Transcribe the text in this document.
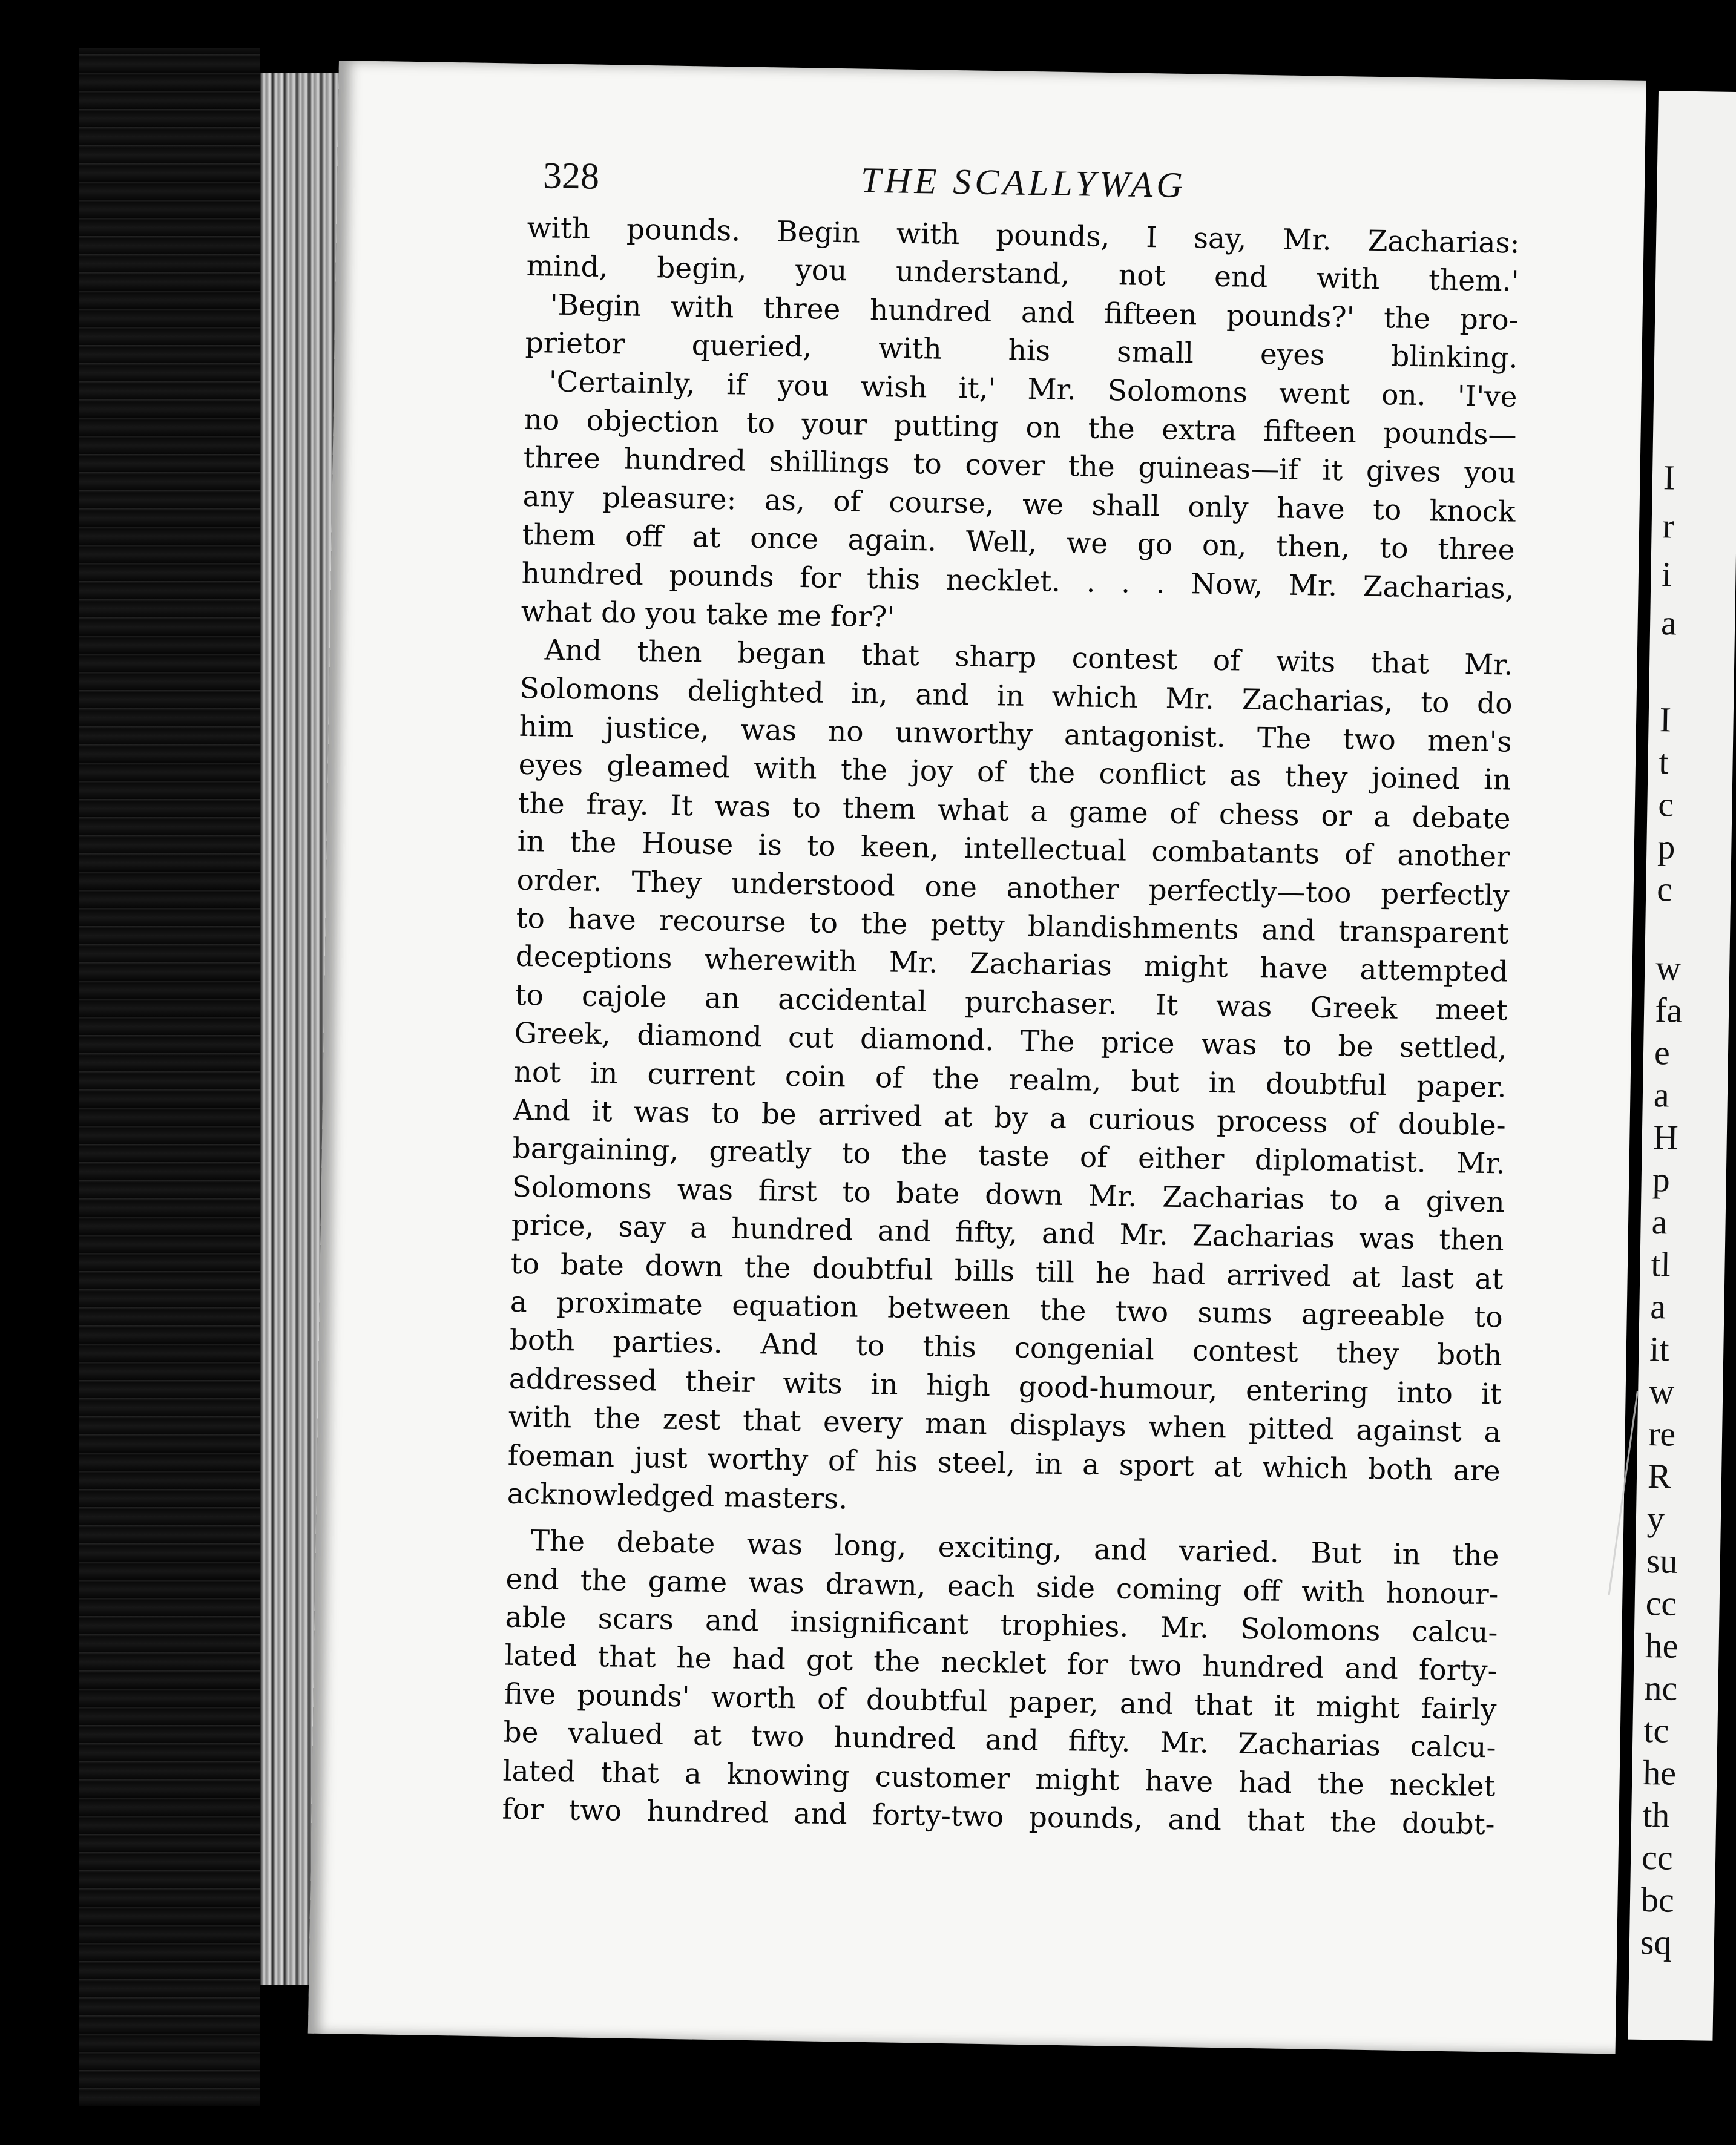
328	THE SCALLYWAG
with pounds. Begin with pounds, I say, Mr. Zacharias:
mind, begin, you understand, not end with them.'
'Begin with three hundred and fifteen pounds?' the pro-
prietor queried, with his small eyes blinking.
'Certainly, if you wish it,' Mr. Solomons went on. 'I've
no objection to your putting on the extra fifteen pounds—
three hundred shillings to cover the guineas—if it gives you
any pleasure: as, of course, we shall only have to knock
them off at once again. Well, we go on, then, to three
hundred pounds for this necklet. . . . Now, Mr. Zacharias,
what do you take me for?'
And then began that sharp contest of wits that Mr.
Solomons delighted in, and in which Mr. Zacharias, to do
him justice, was no unworthy antagonist. The two men's
eyes gleamed with the joy of the conflict as they joined in
the fray. It was to them what a game of chess or a debate
in the House is to keen, intellectual combatants of another
order. They understood one another perfectly—too perfectly
to have recourse to the petty blandishments and transparent
deceptions wherewith Mr. Zacharias might have attempted
to cajole an accidental purchaser. It was Greek meet
Greek, diamond cut diamond. The price was to be settled,
not in current coin of the realm, but in doubtful paper.
And it was to be arrived at by a curious process of double-
bargaining, greatly to the taste of either diplomatist. Mr.
Solomons was first to bate down Mr. Zacharias to a given
price, say a hundred and fifty, and Mr. Zacharias was then
to bate down the doubtful bills till he had arrived at last at
a proximate equation between the two sums agreeable to
both parties. And to this congenial contest they both
addressed their wits in high good-humour, entering into it
with the zest that every man displays when pitted against a
foeman just worthy of his steel, in a sport at which both are
acknowledged masters.
The debate was long, exciting, and varied. But in the
end the game was drawn, each side coming off with honour-
able scars and insignificant trophies. Mr. Solomons calcu-
lated that he had got the necklet for two hundred and forty-
five pounds' worth of doubtful paper, and that it might fairly
be valued at two hundred and fifty. Mr. Zacharias calcu-
lated that a knowing customer might have had the necklet
for two hundred and forty-two pounds, and that the doubt-
I
r
i
a
I
t
c
p
c
w
fa
e
a
H
p
a
tl
a
it
w
re
R
y
su
cc
he
nc
tc
he
th
cc
bc
sq
